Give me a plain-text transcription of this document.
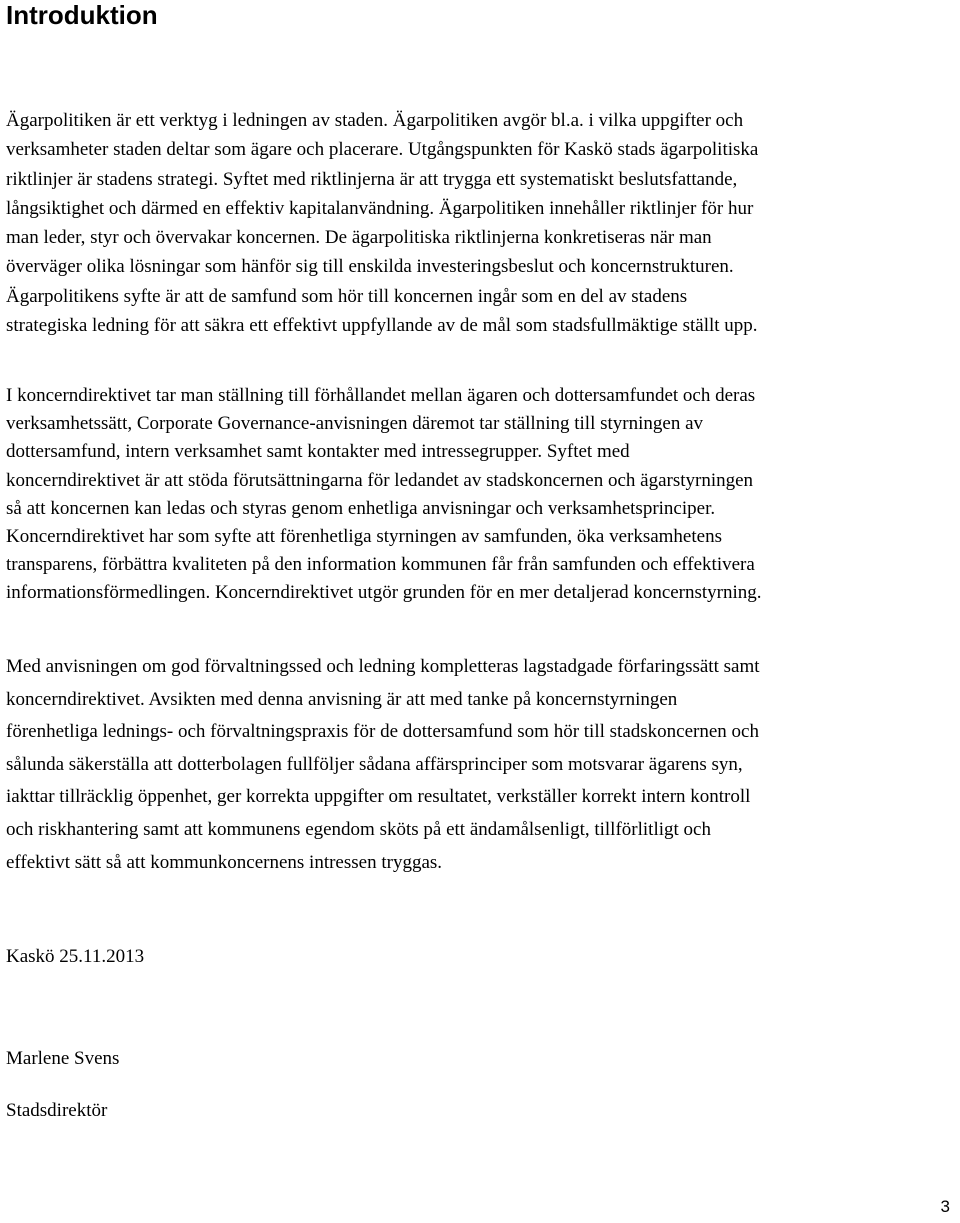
Introduktion
Ägarpolitiken är ett verktyg i ledningen av staden. Ägarpolitiken avgör bl.a. i vilka uppgifter och
verksamheter staden deltar som ägare och placerare. Utgångspunkten för Kaskö stads ägarpolitiska
riktlinjer är stadens strategi. Syftet med riktlinjerna är att trygga ett systematiskt beslutsfattande,
långsiktighet och därmed en effektiv kapitalanvändning. Ägarpolitiken innehåller riktlinjer för hur
man leder, styr och övervakar koncernen. De ägarpolitiska riktlinjerna konkretiseras när man
överväger olika lösningar som hänför sig till enskilda investeringsbeslut och koncernstrukturen.
Ägarpolitikens syfte är att de samfund som hör till koncernen ingår som en del av stadens
strategiska ledning för att säkra ett effektivt uppfyllande av de mål som stadsfullmäktige ställt upp.
I koncerndirektivet tar man ställning till förhållandet mellan ägaren och dottersamfundet och deras
verksamhetssätt, Corporate Governance-anvisningen däremot tar ställning till styrningen av
dottersamfund, intern verksamhet samt kontakter med intressegrupper. Syftet med
koncerndirektivet är att stöda förutsättningarna för ledandet av stadskoncernen och ägarstyrningen
så att koncernen kan ledas och styras genom enhetliga anvisningar och verksamhetsprinciper.
Koncerndirektivet har som syfte att förenhetliga styrningen av samfunden, öka verksamhetens
transparens, förbättra kvaliteten på den information kommunen får från samfunden och effektivera
informationsförmedlingen. Koncerndirektivet utgör grunden för en mer detaljerad koncernstyrning.
Med anvisningen om god förvaltningssed och ledning kompletteras lagstadgade förfaringssätt samt
koncerndirektivet. Avsikten med denna anvisning är att med tanke på koncernstyrningen
förenhetliga lednings- och förvaltningspraxis för de dottersamfund som hör till stadskoncernen och
sålunda säkerställa att dotterbolagen fullföljer sådana affärsprinciper som motsvarar ägarens syn,
iakttar tillräcklig öppenhet, ger korrekta uppgifter om resultatet, verkställer korrekt intern kontroll
och riskhantering samt att kommunens egendom sköts på ett ändamålsenligt, tillförlitligt och
effektivt sätt så att kommunkoncernens intressen tryggas.

Kaskö 25.11.2013

Marlene Svens

Stadsdirektör

3
